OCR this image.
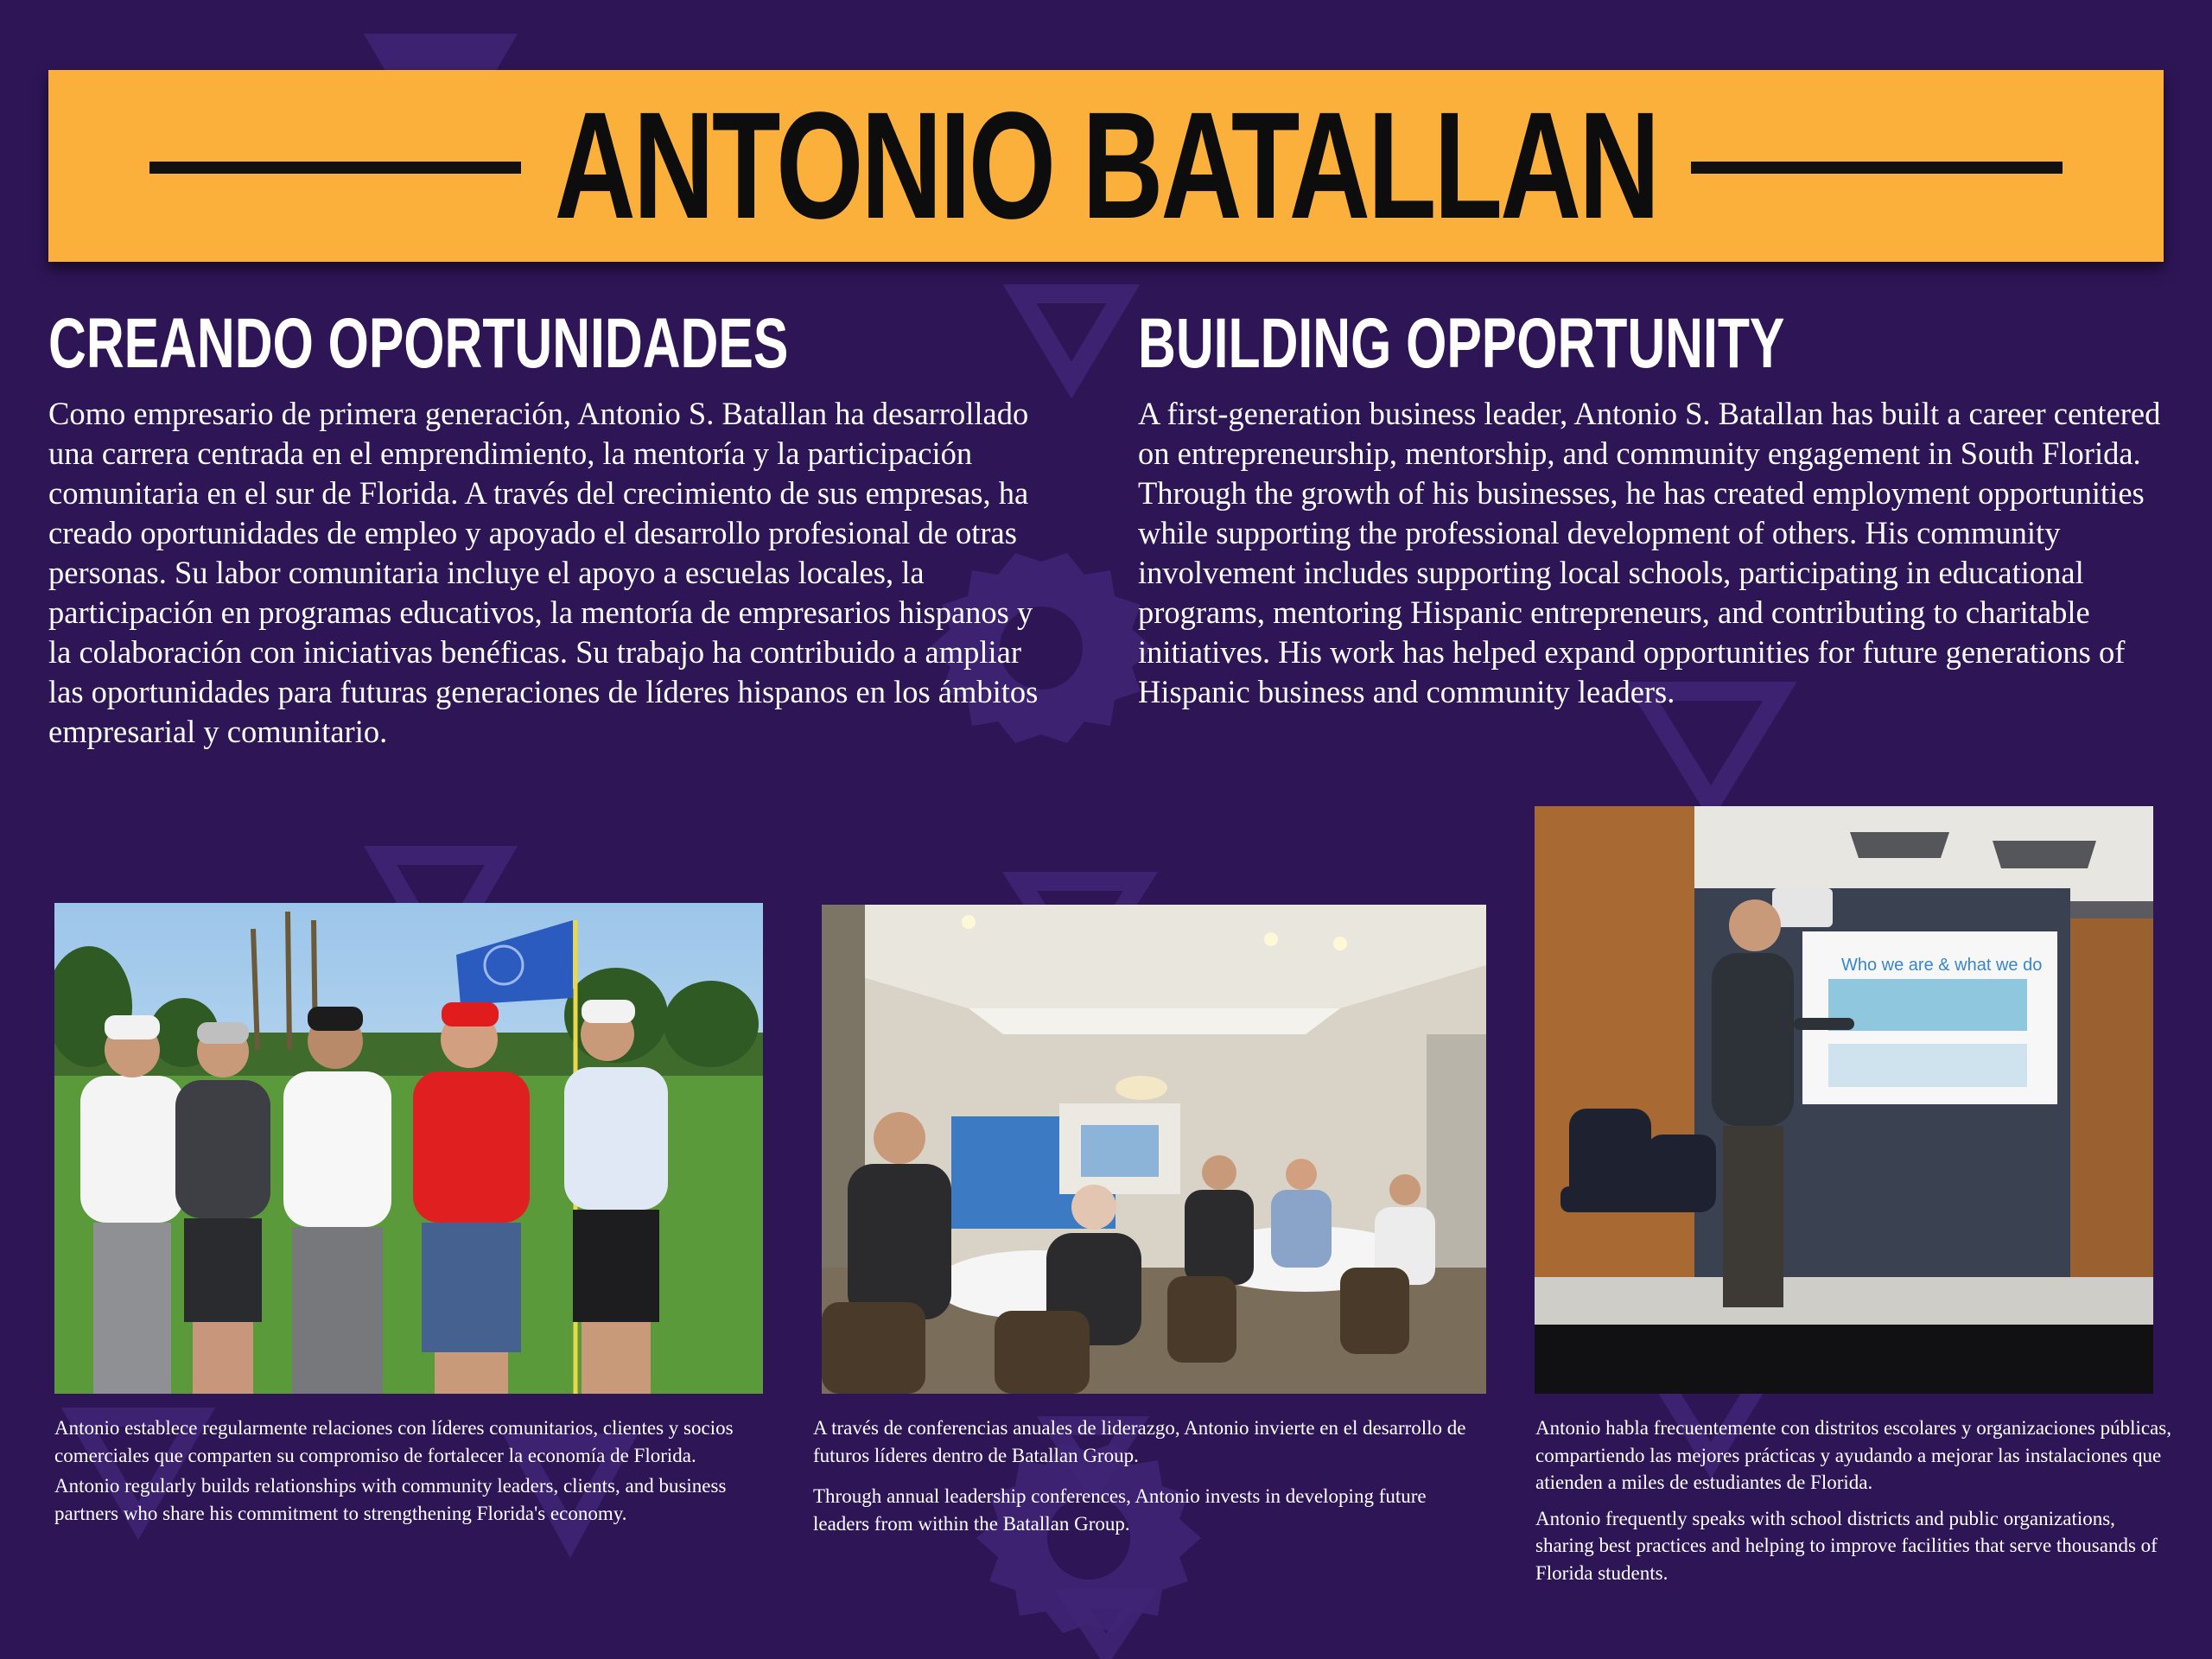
ANTONIO BATALLAN
CREANDO OPORTUNIDADES	BUILDING OPPORTUNITY

Como empresario de primera generación, Antonio S. Batallan ha desarrollado una carrera centrada en el emprendimiento, la mentoría y la participación comunitaria en el sur de Florida. A través del crecimiento de sus empresas, ha creado oportunidades de empleo y apoyado el desarrollo profesional de otras personas. Su labor comunitaria incluye el apoyo a escuelas locales, la participación en programas educativos, la mentoría de empresarios hispanos y la colaboración con iniciativas benéficas. Su trabajo ha contribuido a ampliar las oportunidades para futuras generaciones de líderes hispanos en los ámbitos empresarial y comunitario.

A first-generation business leader, Antonio S. Batallan has built a career centered on entrepreneurship, mentorship, and community engagement in South Florida. Through the growth of his businesses, he has created employment opportunities while supporting the professional development of others. His community involvement includes supporting local schools, participating in educational programs, mentoring Hispanic entrepreneurs, and contributing to charitable initiatives. His work has helped expand opportunities for future generations of Hispanic business and community leaders.

Who we are & what we do

Antonio establece regularmente relaciones con líderes comunitarios, clientes y socios comerciales que comparten su compromiso de fortalecer la economía de Florida.

Antonio regularly builds relationships with community leaders, clients, and business partners who share his commitment to strengthening Florida's economy.

A través de conferencias anuales de liderazgo, Antonio invierte en el desarrollo de futuros líderes dentro de Batallan Group.

Through annual leadership conferences, Antonio invests in developing future leaders from within the Batallan Group.

Antonio habla frecuentemente con distritos escolares y organizaciones públicas, compartiendo las mejores prácticas y ayudando a mejorar las instalaciones que atienden a miles de estudiantes de Florida.

Antonio frequently speaks with school districts and public organizations, sharing best practices and helping to improve facilities that serve thousands of Florida students.
